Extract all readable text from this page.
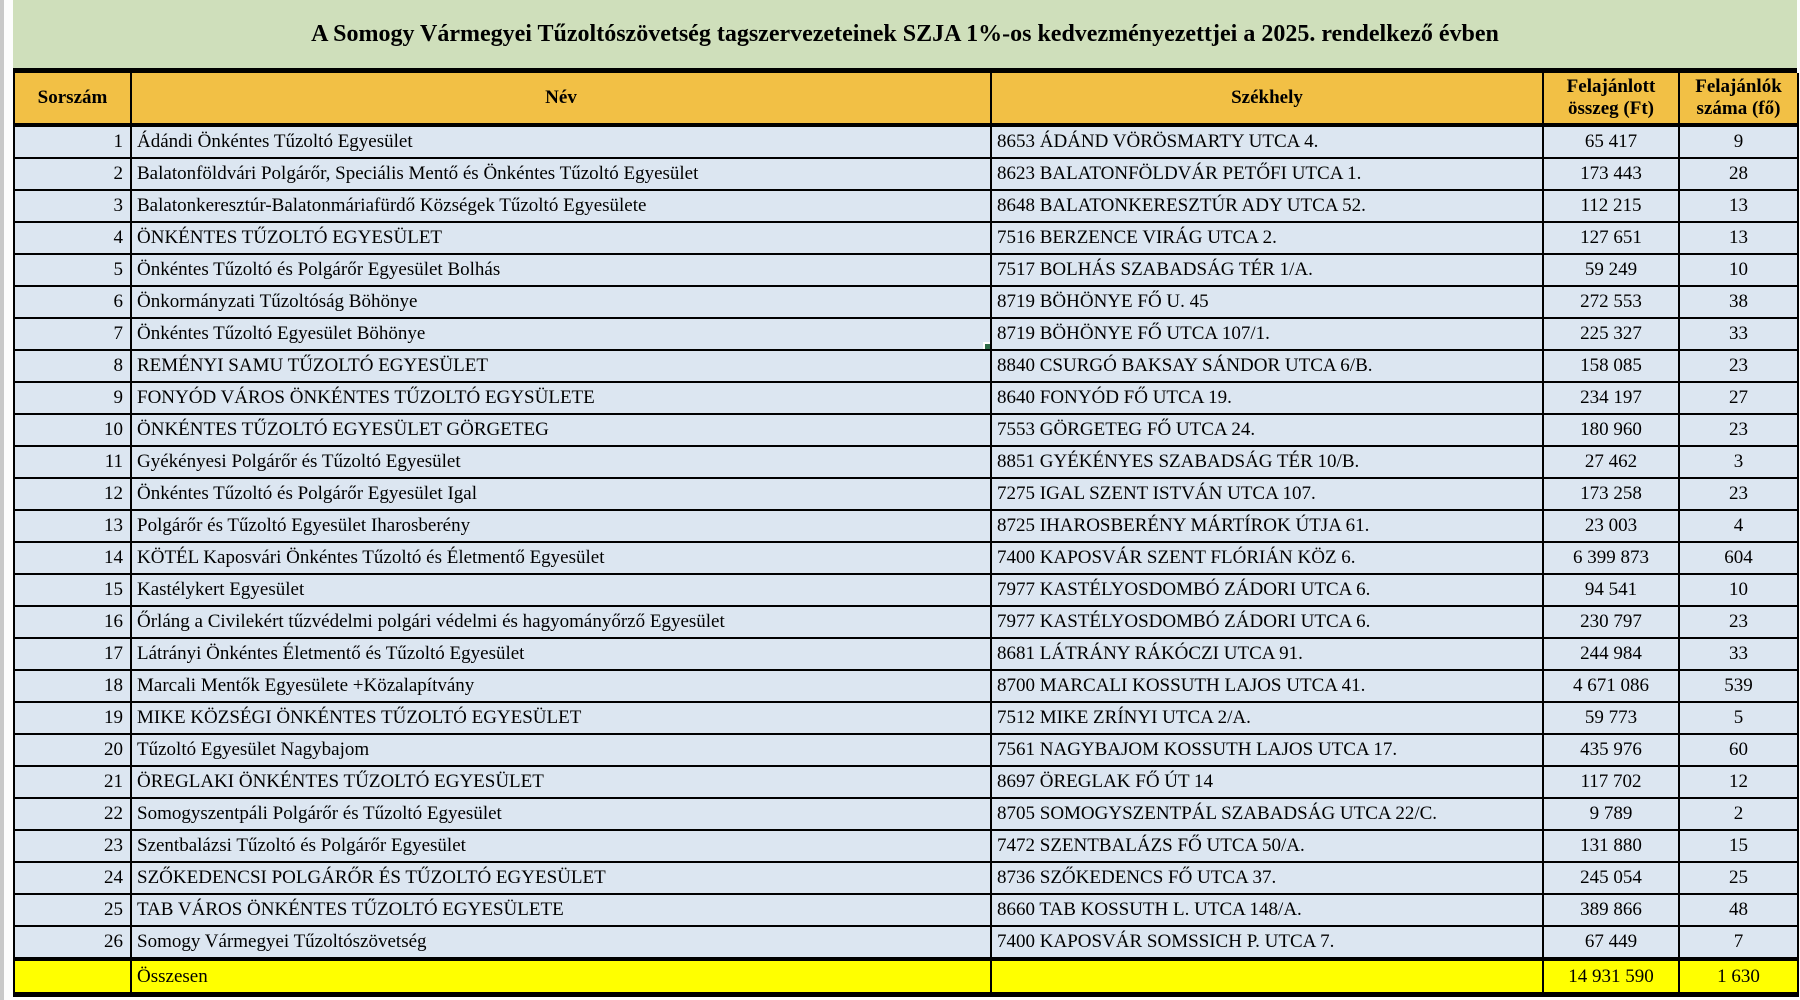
A Somogy Vármegyei Tűzoltószövetség tagszervezeteinek SZJA 1%-os kedvezményezettjei a 2025. rendelkező évben
Sorszám	Név	Székhely	Felajánlott összeg (Ft)	Felajánlók száma (fő)
1	Ádándi Önkéntes Tűzoltó Egyesület	8653 ÁDÁND VÖRÖSMARTY UTCA 4.	65 417	9
2	Balatonföldvári Polgárőr, Speciális Mentő és Önkéntes Tűzoltó Egyesület	8623 BALATONFÖLDVÁR PETŐFI UTCA 1.	173 443	28
3	Balatonkeresztúr-Balatonmáriafürdő Községek Tűzoltó Egyesülete	8648 BALATONKERESZTÚR ADY UTCA 52.	112 215	13
4	ÖNKÉNTES TŰZOLTÓ EGYESÜLET	7516 BERZENCE VIRÁG UTCA 2.	127 651	13
5	Önkéntes Tűzoltó és Polgárőr Egyesület Bolhás	7517 BOLHÁS SZABADSÁG TÉR 1/A.	59 249	10
6	Önkormányzati Tűzoltóság Böhönye	8719 BÖHÖNYE FŐ U. 45	272 553	38
7	Önkéntes Tűzoltó Egyesület Böhönye	8719 BÖHÖNYE FŐ UTCA 107/1.	225 327	33
8	REMÉNYI SAMU TŰZOLTÓ EGYESÜLET	8840 CSURGÓ BAKSAY SÁNDOR UTCA 6/B.	158 085	23
9	FONYÓD VÁROS ÖNKÉNTES TŰZOLTÓ EGYSÜLETE	8640 FONYÓD FŐ UTCA 19.	234 197	27
10	ÖNKÉNTES TŰZOLTÓ EGYESÜLET GÖRGETEG	7553 GÖRGETEG FŐ UTCA 24.	180 960	23
11	Gyékényesi Polgárőr és Tűzoltó Egyesület	8851 GYÉKÉNYES SZABADSÁG TÉR 10/B.	27 462	3
12	Önkéntes Tűzoltó és Polgárőr Egyesület Igal	7275 IGAL SZENT ISTVÁN UTCA 107.	173 258	23
13	Polgárőr és Tűzoltó Egyesület Iharosberény	8725 IHAROSBERÉNY MÁRTÍROK ÚTJA 61.	23 003	4
14	KÖTÉL Kaposvári Önkéntes Tűzoltó és Életmentő Egyesület	7400 KAPOSVÁR SZENT FLÓRIÁN KÖZ 6.	6 399 873	604
15	Kastélykert Egyesület	7977 KASTÉLYOSDOMBÓ ZÁDORI UTCA 6.	94 541	10
16	Őrláng a Civilekért tűzvédelmi polgári védelmi és hagyományőrző Egyesület	7977 KASTÉLYOSDOMBÓ ZÁDORI UTCA 6.	230 797	23
17	Látrányi Önkéntes Életmentő és Tűzoltó Egyesület	8681 LÁTRÁNY RÁKÓCZI UTCA 91.	244 984	33
18	Marcali Mentők Egyesülete +Közalapítvány	8700 MARCALI KOSSUTH LAJOS UTCA 41.	4 671 086	539
19	MIKE KÖZSÉGI ÖNKÉNTES TŰZOLTÓ EGYESÜLET	7512 MIKE ZRÍNYI UTCA 2/A.	59 773	5
20	Tűzoltó Egyesület Nagybajom	7561 NAGYBAJOM KOSSUTH LAJOS UTCA 17.	435 976	60
21	ÖREGLAKI ÖNKÉNTES TŰZOLTÓ EGYESÜLET	8697 ÖREGLAK FŐ ÚT 14	117 702	12
22	Somogyszentpáli Polgárőr és Tűzoltó Egyesület	8705 SOMOGYSZENTPÁL SZABADSÁG UTCA 22/C.	9 789	2
23	Szentbalázsi Tűzoltó és Polgárőr Egyesület	7472 SZENTBALÁZS FŐ UTCA 50/A.	131 880	15
24	SZŐKEDENCSI POLGÁRŐR ÉS TŰZOLTÓ EGYESÜLET	8736 SZŐKEDENCS FŐ UTCA 37.	245 054	25
25	TAB VÁROS ÖNKÉNTES TŰZOLTÓ EGYESÜLETE	8660 TAB KOSSUTH L. UTCA 148/A.	389 866	48
26	Somogy Vármegyei Tűzoltószövetség	7400 KAPOSVÁR SOMSSICH P. UTCA 7.	67 449	7
	Összesen		14 931 590	1 630
